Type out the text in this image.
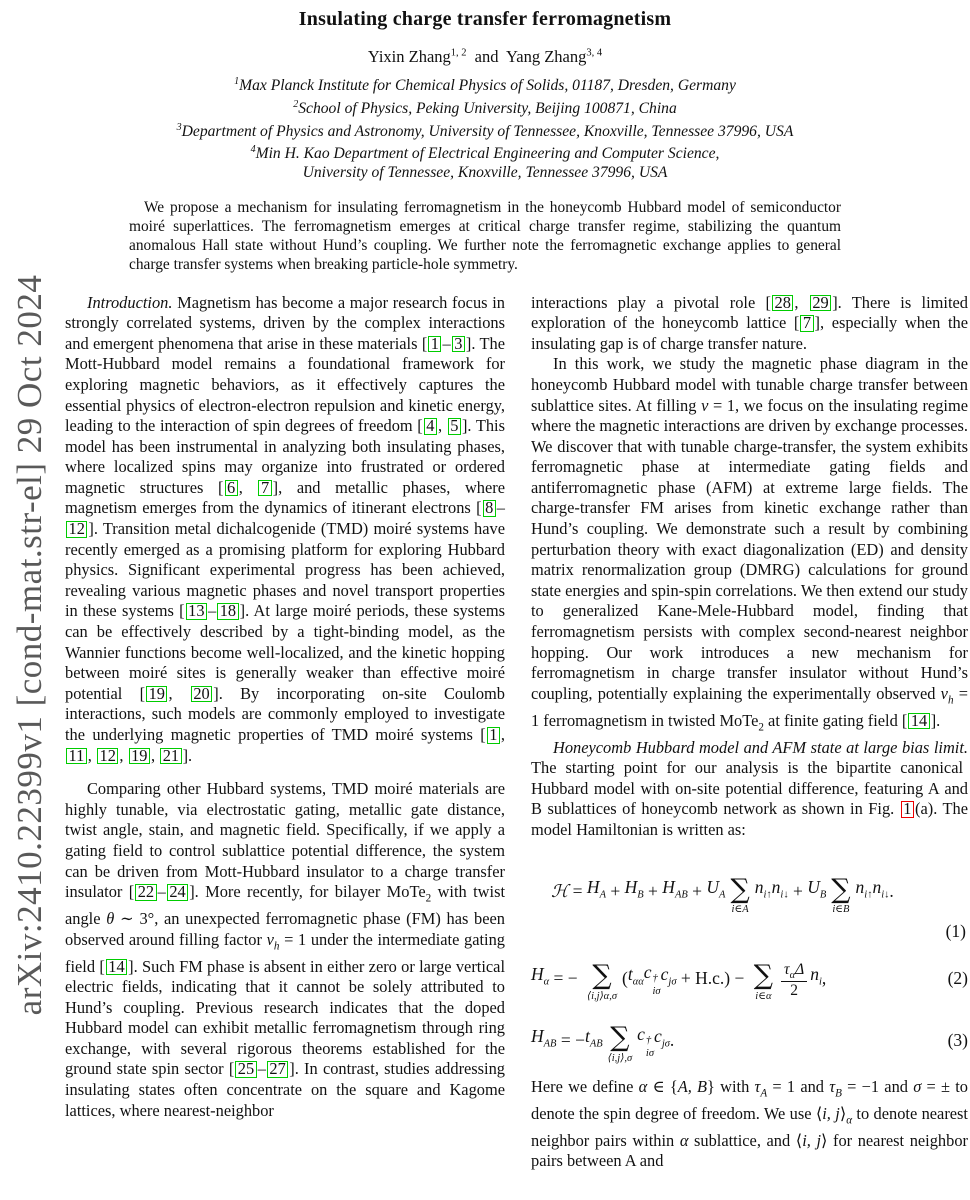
arXiv:2410.22399v1 [cond-mat.str-el] 29 Oct 2024
Insulating charge transfer ferromagnetism
Yixin Zhang$^{1, 2}$ and Yang Zhang$^{3, 4}$
$^1$Max Planck Institute for Chemical Physics of Solids, 01187, Dresden, Germany
$^2$School of Physics, Peking University, Beijing 100871, China
$^3$Department of Physics and Astronomy, University of Tennessee, Knoxville, Tennessee 37996, USA
$^4$Min H. Kao Department of Electrical Engineering and Computer Science,
University of Tennessee, Knoxville, Tennessee 37996, USA

We propose a mechanism for insulating ferromagnetism in the honeycomb Hubbard model of semiconductor moiré superlattices. The ferromagnetism emerges at critical charge transfer regime, stabilizing the quantum anomalous Hall state without Hund’s coupling. We further note the ferromagnetic exchange applies to general charge transfer systems when breaking particle-hole symmetry.

Introduction. Magnetism has become a major research focus in strongly correlated systems, driven by the complex interactions and emergent phenomena that arise in these materials [ 1 – 3 ]. The Mott-Hubbard model remains a foundational framework for exploring magnetic behaviors, as it effectively captures the essential physics of electron-electron repulsion and kinetic energy, leading to the interaction of spin degrees of freedom [ 4 , 5 ]. This model has been instrumental in analyzing both insulating phases, where localized spins may organize into frustrated or ordered magnetic structures [ 6 , 7 ], and metallic phases, where magnetism emerges from the dynamics of itinerant electrons [ 8 –12 ]. Transition metal dichalcogenide (TMD) moiré systems have recently emerged as a promising platform for exploring Hubbard physics. Significant experimental progress has been achieved, revealing various magnetic phases and novel transport properties in these systems [ 13 – 18 ]. At large moiré periods, these systems can be effectively described by a tight-binding model, as the Wannier functions become well-localized, and the kinetic hopping between moiré sites is generally weaker than effective moiré potential [ 19 , 20 ]. By incorporating on-site Coulomb interactions, such models are commonly employed to investigate the underlying magnetic properties of TMD moiré systems [ 1 , 11 , 12 , 19 , 21 ].

Comparing other Hubbard systems, TMD moiré materials are highly tunable, via electrostatic gating, metallic gate distance, twist angle, stain, and magnetic field. Specifically, if we apply a gating field to control sublattice potential difference, the system can be driven from Mott-Hubbard insulator to a charge transfer insulator [ 22 – 24 ]. More recently, for bilayer MoTe$_2$ with twist angle θ ∼ 3°, an unexpected ferromagnetic phase (FM) has been observed around filling factor $\nu_h = 1$ under the intermediate gating field [ 14 ]. Such FM phase is absent in either zero or large vertical electric fields, indicating that it cannot be solely attributed to Hund’s coupling. Previous research indicates that the doped Hubbard model can exhibit metallic ferromagnetism through ring exchange, with several rigorous theorems established for the ground state spin sector [ 25 – 27 ]. In contrast, studies addressing insulating states often concentrate on the square and Kagome lattices, where nearest-neighbor

interactions play a pivotal role [ 28 , 29 ]. There is limited exploration of the honeycomb lattice [ 7 ], especially when the insulating gap is of charge transfer nature.

In this work, we study the magnetic phase diagram in the honeycomb Hubbard model with tunable charge transfer between sublattice sites. At filling ν = 1, we focus on the insulating regime where the magnetic interactions are driven by exchange processes. We discover that with tunable charge-transfer, the system exhibits ferromagnetic phase at intermediate gating fields and antiferromagnetic phase (AFM) at extreme large fields. The charge-transfer FM arises from kinetic exchange rather than Hund’s coupling. We demonstrate such a result by combining perturbation theory with exact diagonalization (ED) and density matrix renormalization group (DMRG) calculations for ground state energies and spin-spin correlations. We then extend our study to generalized Kane-Mele-Hubbard model, finding that ferromagnetism persists with complex second-nearest neighbor hopping. Our work introduces a new mechanism for ferromagnetism in charge transfer insulator without Hund’s coupling, potentially explaining the experimentally observed $\nu_h = 1$ ferromagnetism in twisted MoTe$_2$ at finite gating field [ 14 ].

Honeycomb Hubbard model and AFM state at large bias limit. The starting point for our analysis is the bipartite canonical Hubbard model with on-site potential difference, featuring A and B sublattices of honeycomb network as shown in Fig. 1 (a). The model Hamiltonian is written as:

ℋ = $H_A + H_B + H_{AB} + U_A$ ∑
i∈A
$n_{i↑}$ $n_{i↓} + U_B$ ∑
i∈B
$n_{i↑}$ $n_{i↓}$ .
(1)
$H_\alpha$ = − ∑
⟨i,j⟩α,σ
( $t_{\alpha\alpha}$ c †
iσ
$c_{j\sigma} + H.c$.) − ∑
i∈α $\frac{\tau_\alpha \Delta}{2} n_i$ ,	(2)
$H_{AB}$ = − $t_{AB}$ ∑
⟨i,j⟩,σ
c †
iσ
$c_{j\sigma}$ .	(3)

Here we define α ∈ {A, B} with $\tau_A = 1$ and $\tau_B = -1$ and σ = ± to denote the spin degree of freedom. We use ⟨i, $j⟩_\alpha$ to denote nearest neighbor pairs within α sublattice, and ⟨i, j⟩ for nearest neighbor pairs between A and
